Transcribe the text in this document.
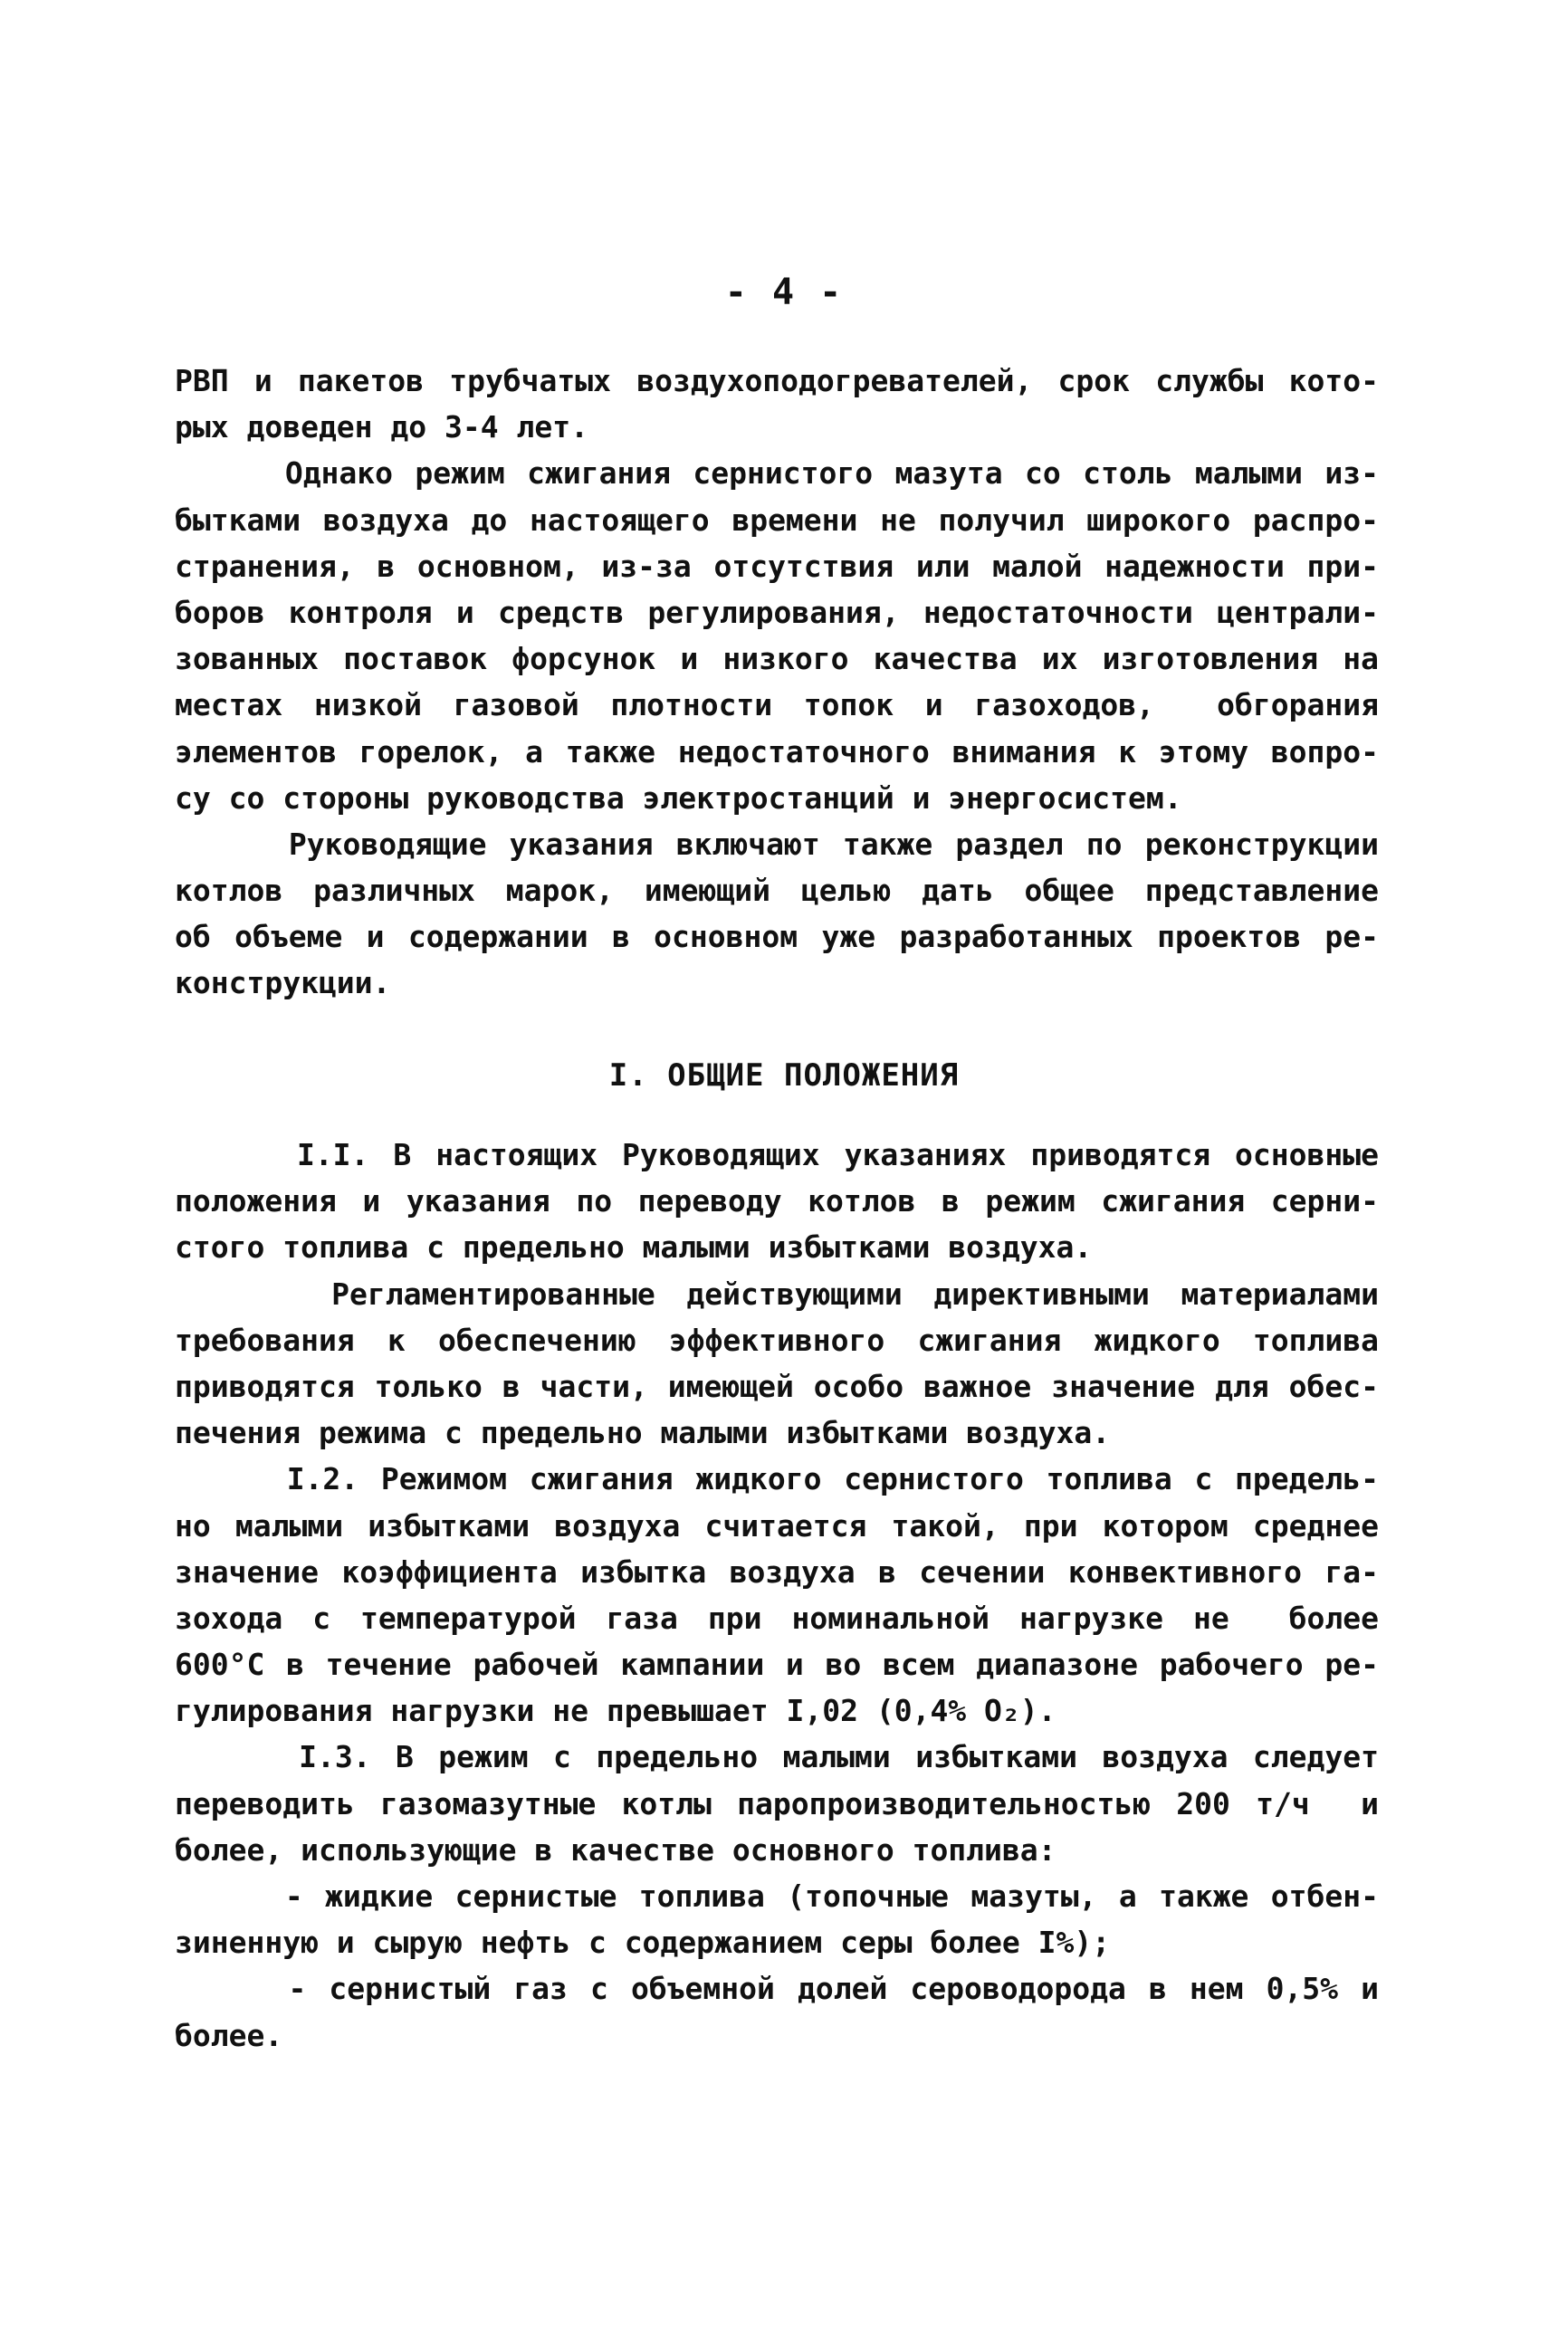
- 4 -
РВП и пакетов трубчатых воздухоподогревателей, срок службы кото-
рых доведен до 3-4 лет.
Однако режим сжигания сернистого мазута со столь малыми из-
бытками воздуха до настоящего времени не получил широкого распро-
странения, в основном, из-за отсутствия или малой надежности при-
боров контроля и средств регулирования, недостаточности централи-
зованных поставок форсунок и низкого качества их изготовления на
местах низкой газовой плотности топок и газоходов,  обгорания
элементов горелок, а также недостаточного внимания к этому вопро-
су со стороны руководства электростанций и энергосистем.
Руководящие указания включают также раздел по реконструкции
котлов различных марок, имеющий целью дать общее представление
об объеме и содержании в основном уже разработанных проектов ре-
конструкции.
I. ОБЩИЕ ПОЛОЖЕНИЯ
I.I. В настоящих Руководящих указаниях приводятся основные
положения и указания по переводу котлов в режим сжигания серни-
стого топлива с предельно малыми избытками воздуха.
Регламентированные действующими директивными материалами
требования к обеспечению эффективного сжигания жидкого топлива
приводятся только в части, имеющей особо важное значение для обес-
печения режима с предельно малыми избытками воздуха.
I.2. Режимом сжигания жидкого сернистого топлива с предель-
но малыми избытками воздуха считается такой, при котором среднее
значение коэффициента избытка воздуха в сечении конвективного га-
зохода с температурой газа при номинальной нагрузке не  более
600°С в течение рабочей кампании и во всем диапазоне рабочего ре-
гулирования нагрузки не превышает I,02 (0,4% O₂).
I.3. В режим с предельно малыми избытками воздуха следует
переводить газомазутные котлы паропроизводительностью 200 т/ч  и
более, использующие в качестве основного топлива:
- жидкие сернистые топлива (топочные мазуты, а также отбен-
зиненную и сырую нефть с содержанием серы более I%);
- сернистый газ с объемной долей сероводорода в нем 0,5% и
более.
